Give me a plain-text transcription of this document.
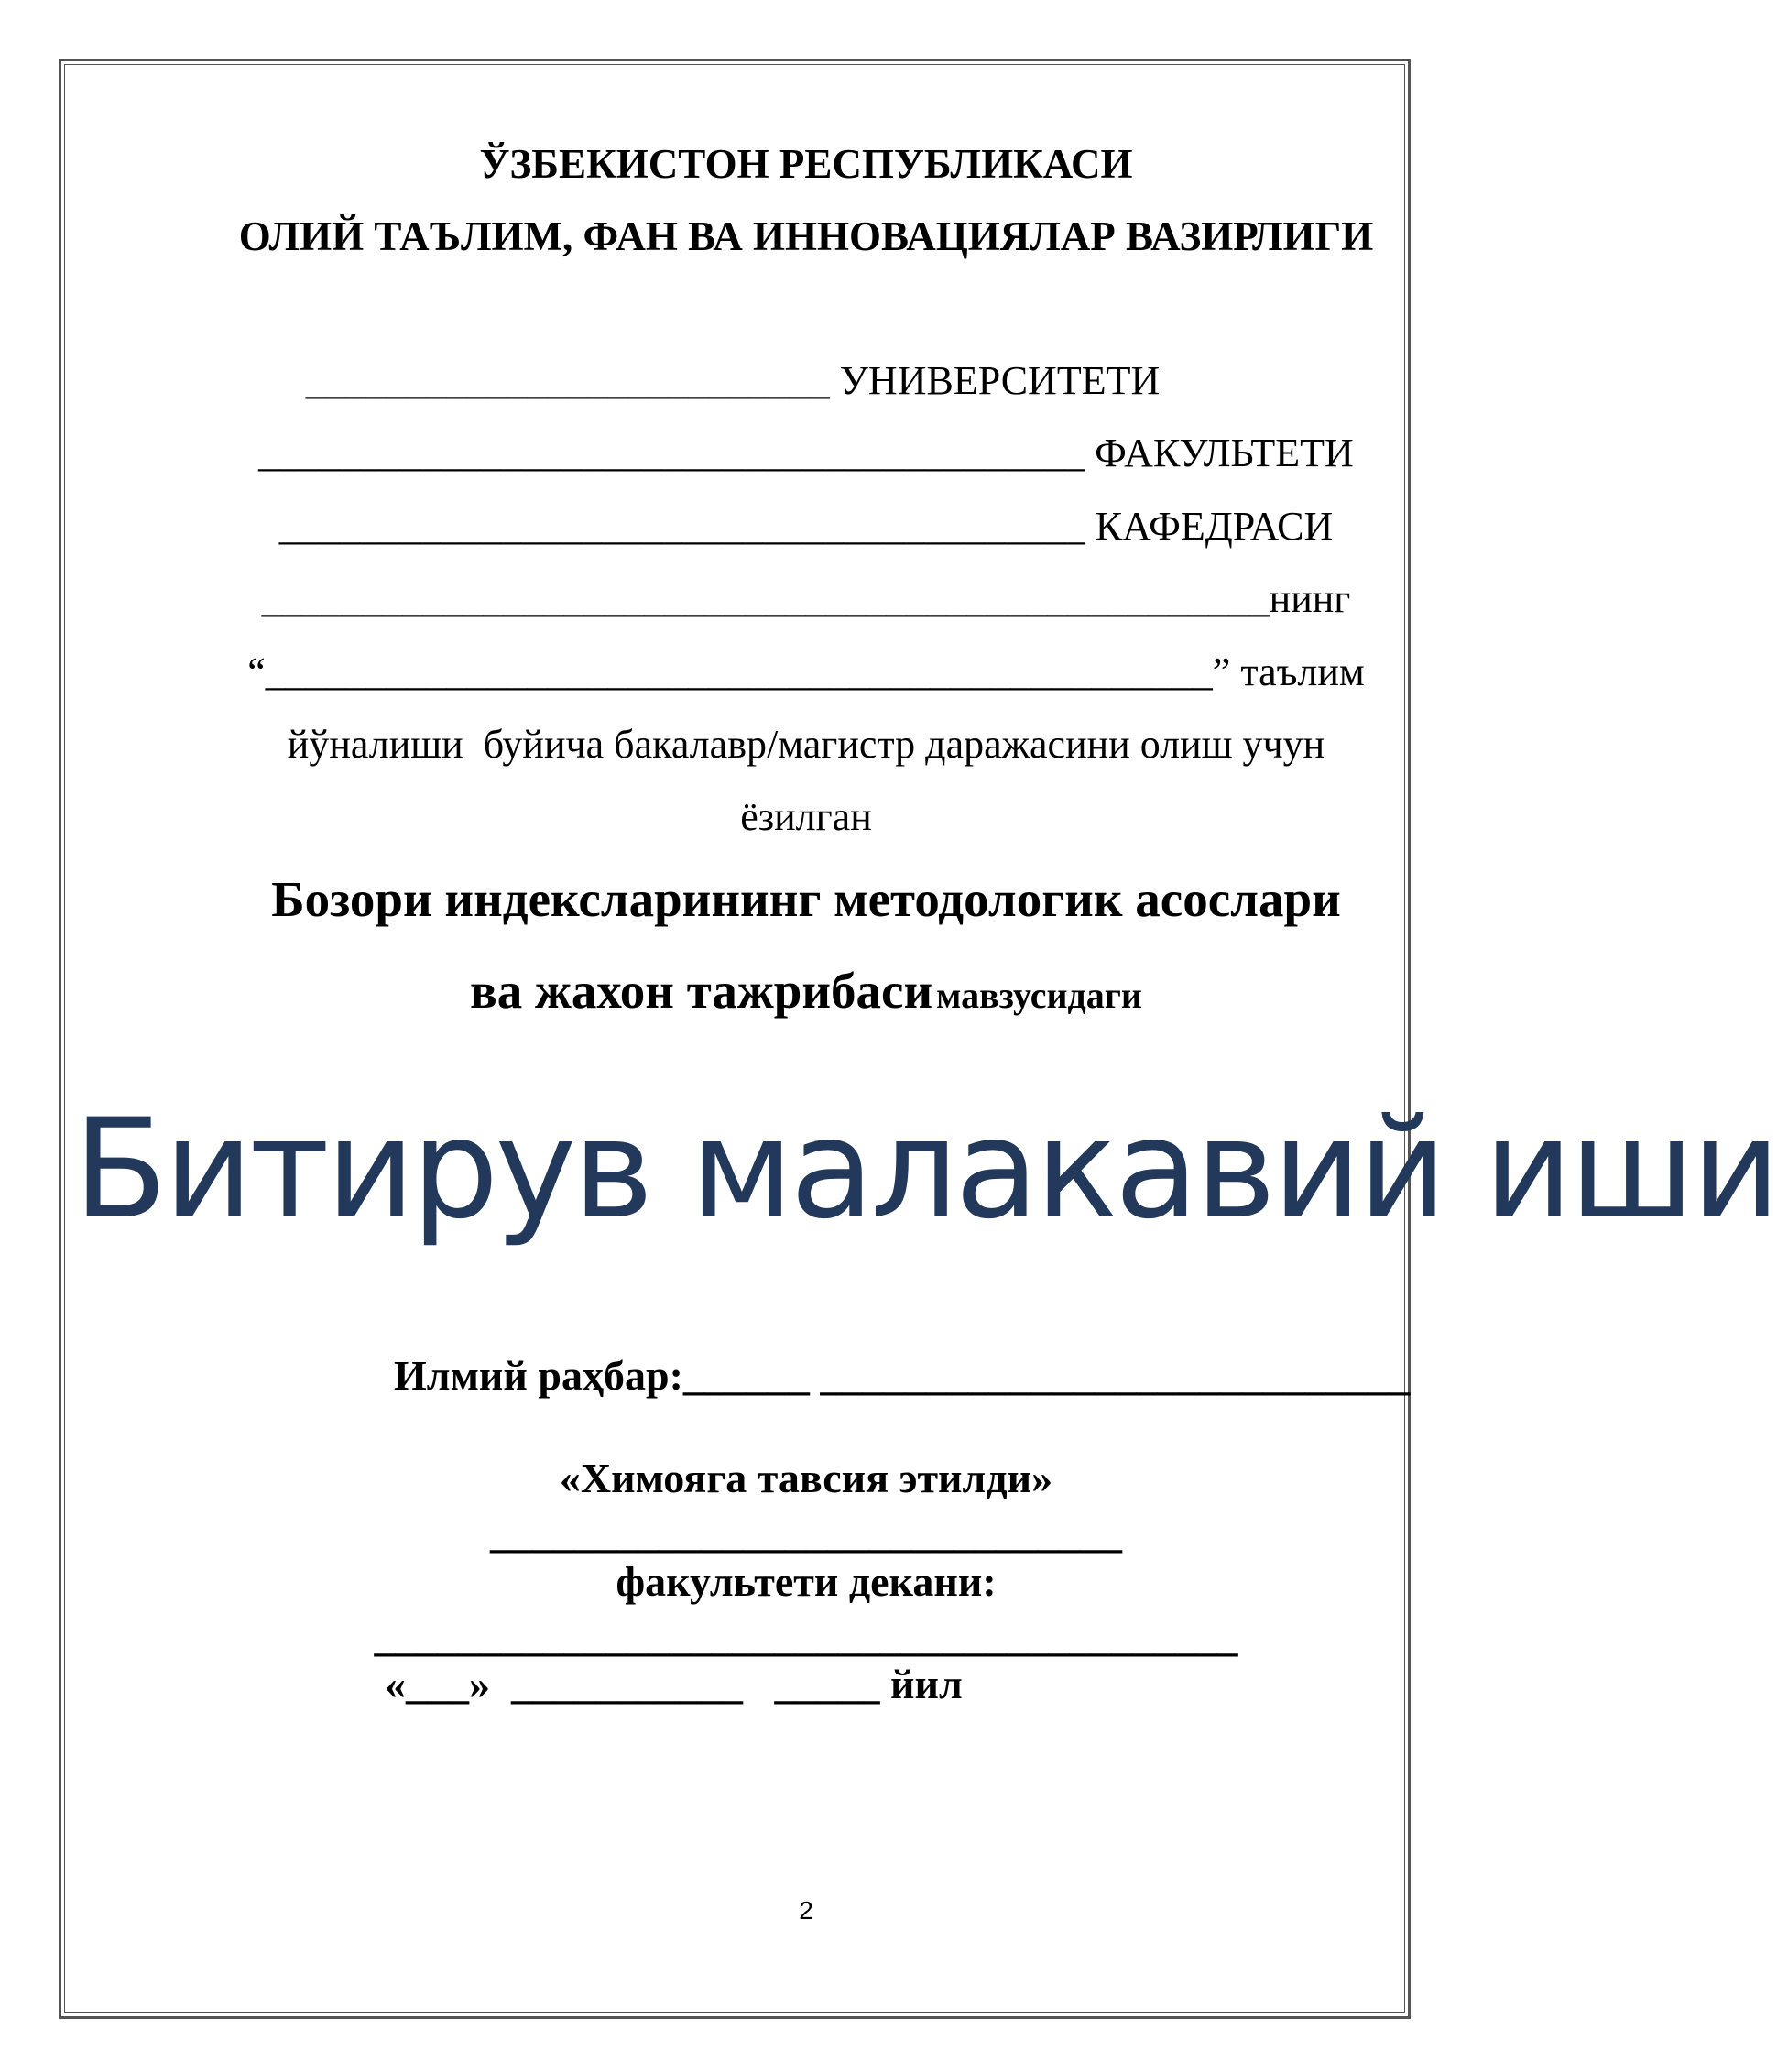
ЎЗБЕКИСТОН РЕСПУБЛИКАСИ
ОЛИЙ ТАЪЛИМ, ФАН ВА ИННОВАЦИЯЛАР ВАЗИРЛИГИ
__________________________ УНИВЕРСИТЕТИ
_________________________________________ ФАКУЛЬТЕТИ
________________________________________ КАФЕДРАСИ
__________________________________________________нинг
“_______________________________________________” таълим
йўналиши  буйича бакалавр/магистр даражасини олиш учун
ёзилган
Бозори индексларининг методологик асослари
ва жахон тажрибаси мавзусидаги
Битирув малакавий иши
Илмий раҳбар:______ ____________________________
«Химояга тавсия этилди»
______________________________
факультети декани:
_________________________________________
«___»  ___________   _____ йил
2
